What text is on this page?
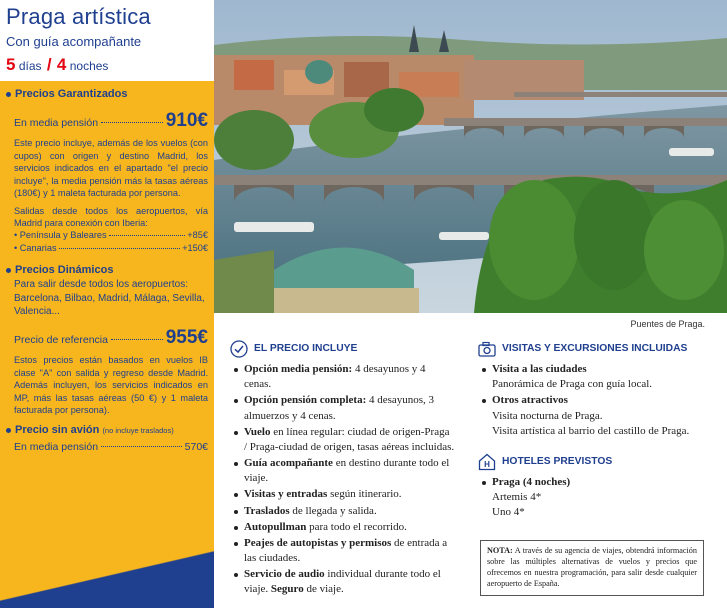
Praga artística
Con guía acompañante
5 días / 4 noches
Precios Garantizados
En media pensión	910€
Este precio incluye, además de los vuelos (con cupos) con origen y destino Madrid, los servicios indicados en el apartado "el precio incluye", la media pensión más la tasas aéreas (180€) y 1 maleta facturada por persona.
Salidas desde todos los aeropuertos, vía Madrid para conexión con Iberia:
• Península y Baleares	+85€
• Canarias	+150€
Precios Dinámicos
Para salir desde todos los aeropuertos: Barcelona, Bilbao, Madrid, Málaga, Sevilla, Valencia...
Precio de referencia	955€
Estos precios están basados en vuelos IB clase "A" con salida y regreso desde Madrid. Además incluyen, los servicios indicados en MP, más las tasas aéreas (50 €) y 1 maleta facturada por persona).
Precio sin avión (no incluye traslados)
En media pensión	570€
Puentes de Praga.
EL PRECIO INCLUYE
Opción media pensión: 4 desayunos y 4 cenas.
Opción pensión completa: 4 desayunos, 3 almuerzos y 4 cenas.
Vuelo en línea regular: ciudad de origen-Praga / Praga-ciudad de origen, tasas aéreas incluidas.
Guía acompañante en destino durante todo el viaje.
Visitas y entradas según itinerario.
Traslados de llegada y salida.
Autopullman para todo el recorrido.
Peajes de autopistas y permisos de entrada a las ciudades.
Servicio de audio individual durante todo el viaje. Seguro de viaje.
VISITAS Y EXCURSIONES INCLUIDAS
Visita a las ciudades
Panorámica de Praga con guía local.
Otros atractivos
Visita nocturna de Praga.
Visita artística al barrio del castillo de Praga.
H HOTELES PREVISTOS
Praga (4 noches)
Artemis 4*
Uno 4*
NOTA: A través de su agencia de viajes, obtendrá información sobre las múltiples alternativas de vuelos y precios que ofrecemos en nuestra programación, para salir desde cualquier aeropuerto de España.
